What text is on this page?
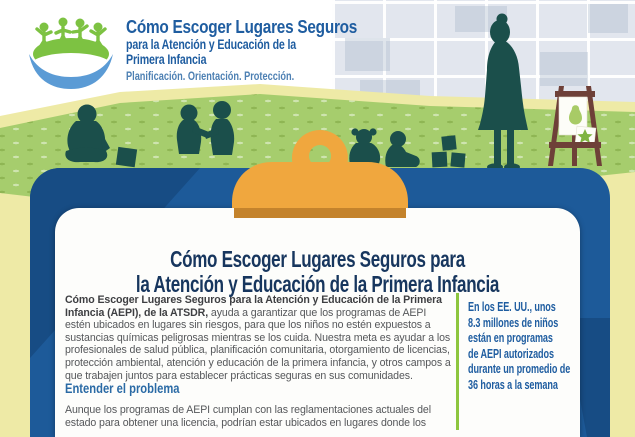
Cómo Escoger Lugares Seguros
para la Atención y Educación de la
Primera Infancia
Planificación. Orientación. Protección.
Cómo Escoger Lugares Seguros para
la Atención y Educación de la Primera Infancia

Cómo Escoger Lugares Seguros para la Atención y Educación de la Primera Infancia (AEPI), de la ATSDR, ayuda a garantizar que los programas de AEPI estén ubicados en lugares sin riesgos, para que los niños no estén expuestos a sustancias químicas peligrosas mientras se los cuida. Nuestra meta es ayudar a los profesionales de salud pública, planificación comunitaria, otorgamiento de licencias, protección ambiental, atención y educación de la primera infancia, y otros campos a que trabajen juntos para establecer prácticas seguras en sus comunidades.

Entender el problema

Aunque los programas de AEPI cumplan con las reglamentaciones actuales del estado para obtener una licencia, podrían estar ubicados en lugares donde los

En los EE. UU., unos
8.3 millones de niños
están en programas
de AEPI autorizados
durante un promedio de
36 horas a la semana
